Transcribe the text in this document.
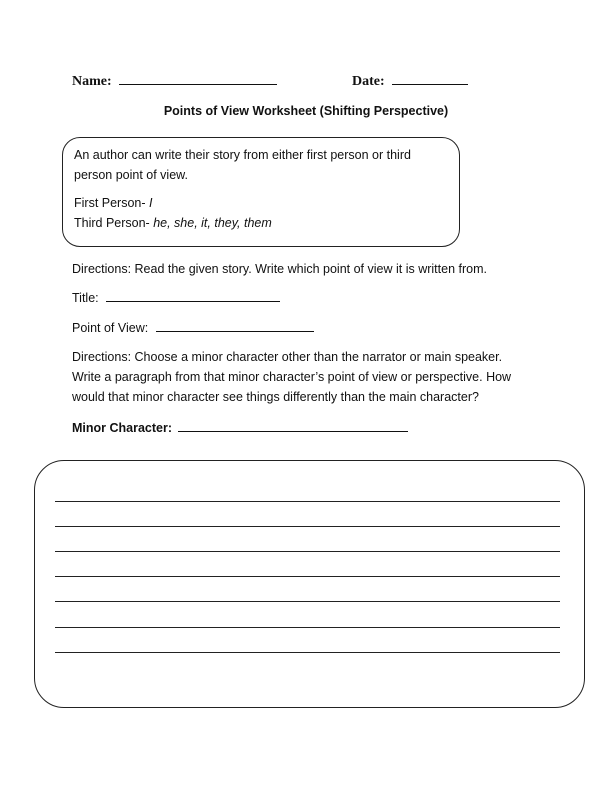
Name:	Date:
Points of View Worksheet (Shifting Perspective)
An author can write their story from either first person or third
person point of view.
First Person- I
Third Person- he, she, it, they, them
Directions: Read the given story. Write which point of view it is written from.
Title:
Point of View:
Directions: Choose a minor character other than the narrator or main speaker.
Write a paragraph from that minor character’s point of view or perspective. How
would that minor character see things differently than the main character?
Minor Character:
